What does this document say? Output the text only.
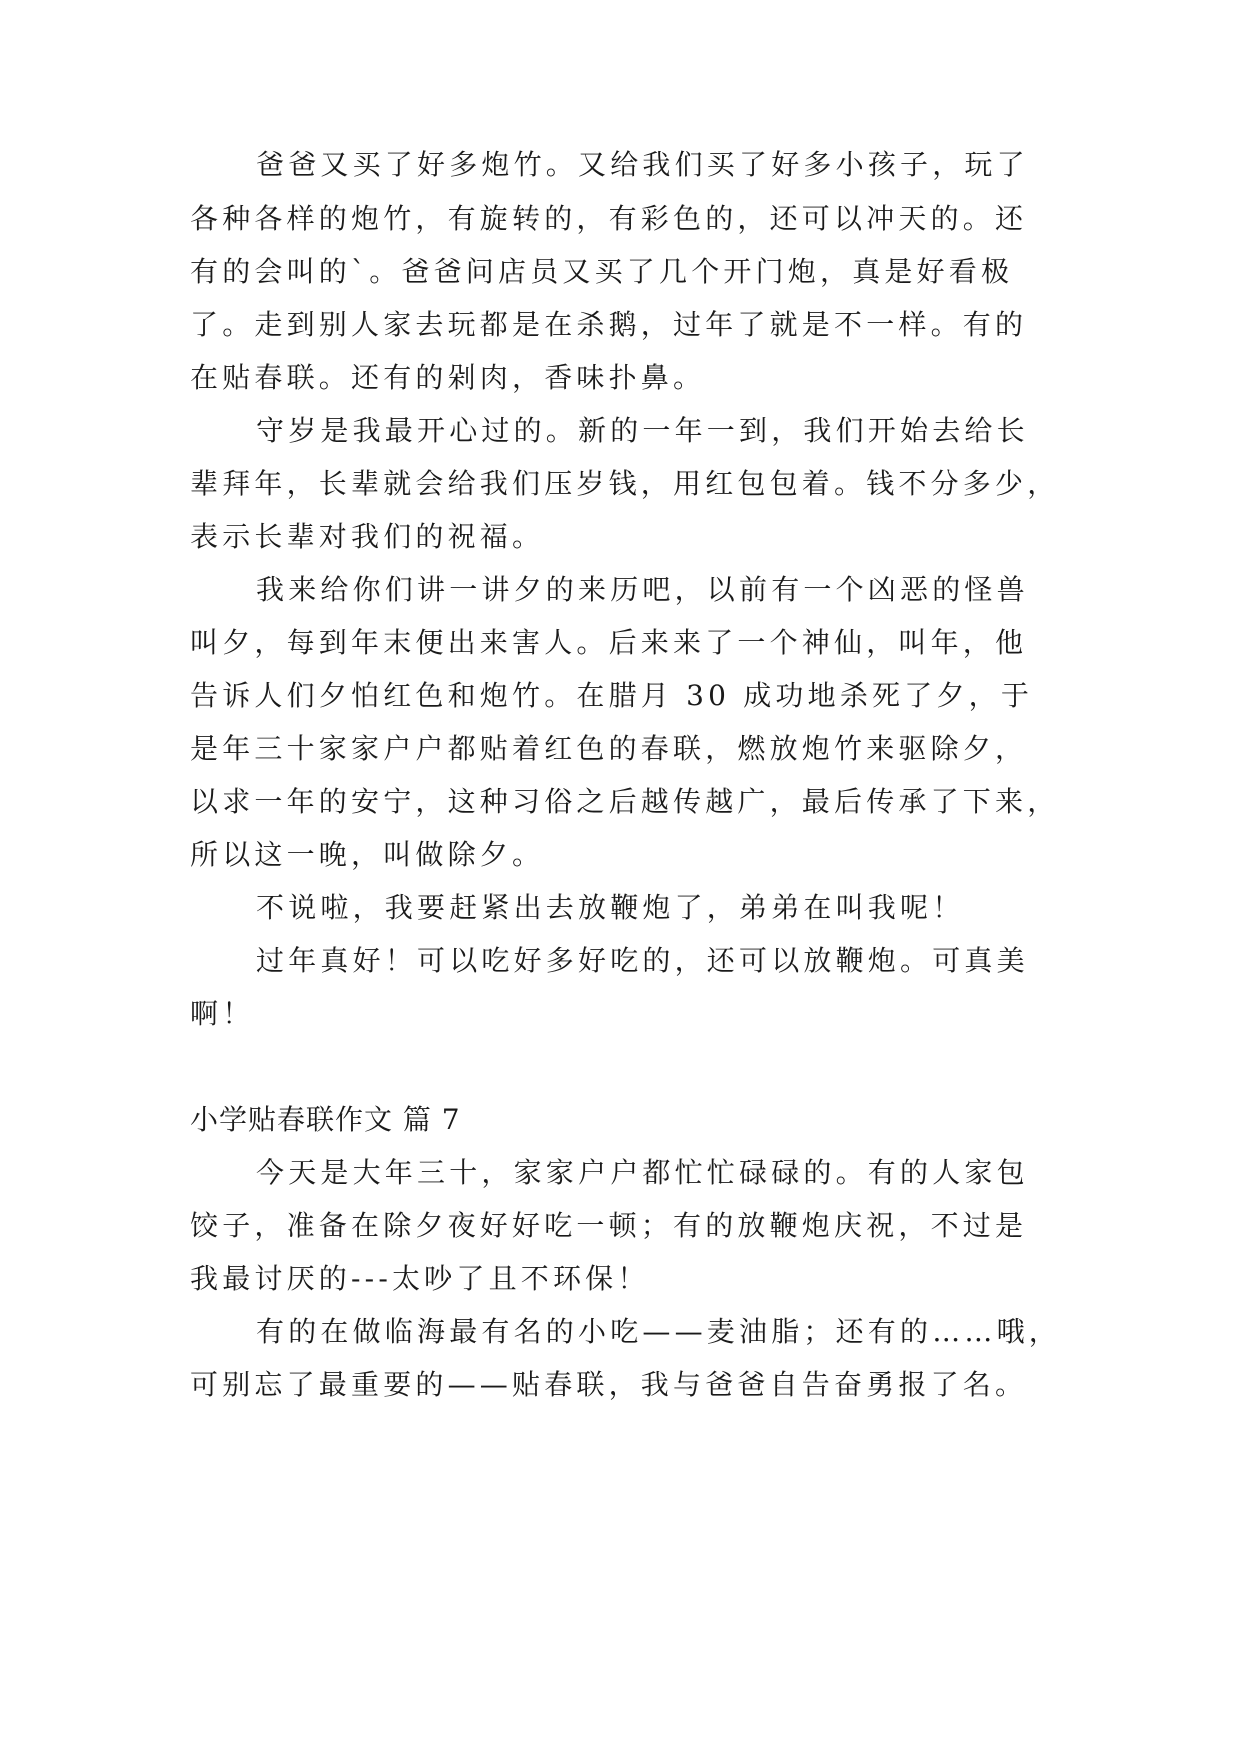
爸爸又买了好多炮竹。又给我们买了好多小孩子，玩了
各种各样的炮竹，有旋转的，有彩色的，还可以冲天的。还
有的会叫的`。爸爸问店员又买了几个开门炮，真是好看极
了。走到别人家去玩都是在杀鹅，过年了就是不一样。有的
在贴春联。还有的剁肉，香味扑鼻。
守岁是我最开心过的。新的一年一到，我们开始去给长
辈拜年，长辈就会给我们压岁钱，用红包包着。钱不分多少，
表示长辈对我们的祝福。
我来给你们讲一讲夕的来历吧，以前有一个凶恶的怪兽
叫夕，每到年末便出来害人。后来来了一个神仙，叫年，他
告诉人们夕怕红色和炮竹。在腊月 30 成功地杀死了夕，于
是年三十家家户户都贴着红色的春联，燃放炮竹来驱除夕，
以求一年的安宁，这种习俗之后越传越广，最后传承了下来，
所以这一晚，叫做除夕。
不说啦，我要赶紧出去放鞭炮了，弟弟在叫我呢！
过年真好！可以吃好多好吃的，还可以放鞭炮。可真美
啊！
小学贴春联作文 篇 7
今天是大年三十，家家户户都忙忙碌碌的。有的人家包
饺子，准备在除夕夜好好吃一顿；有的放鞭炮庆祝，不过是
我最讨厌的---太吵了且不环保！
有的在做临海最有名的小吃——麦油脂；还有的……哦，
可别忘了最重要的——贴春联，我与爸爸自告奋勇报了名。
